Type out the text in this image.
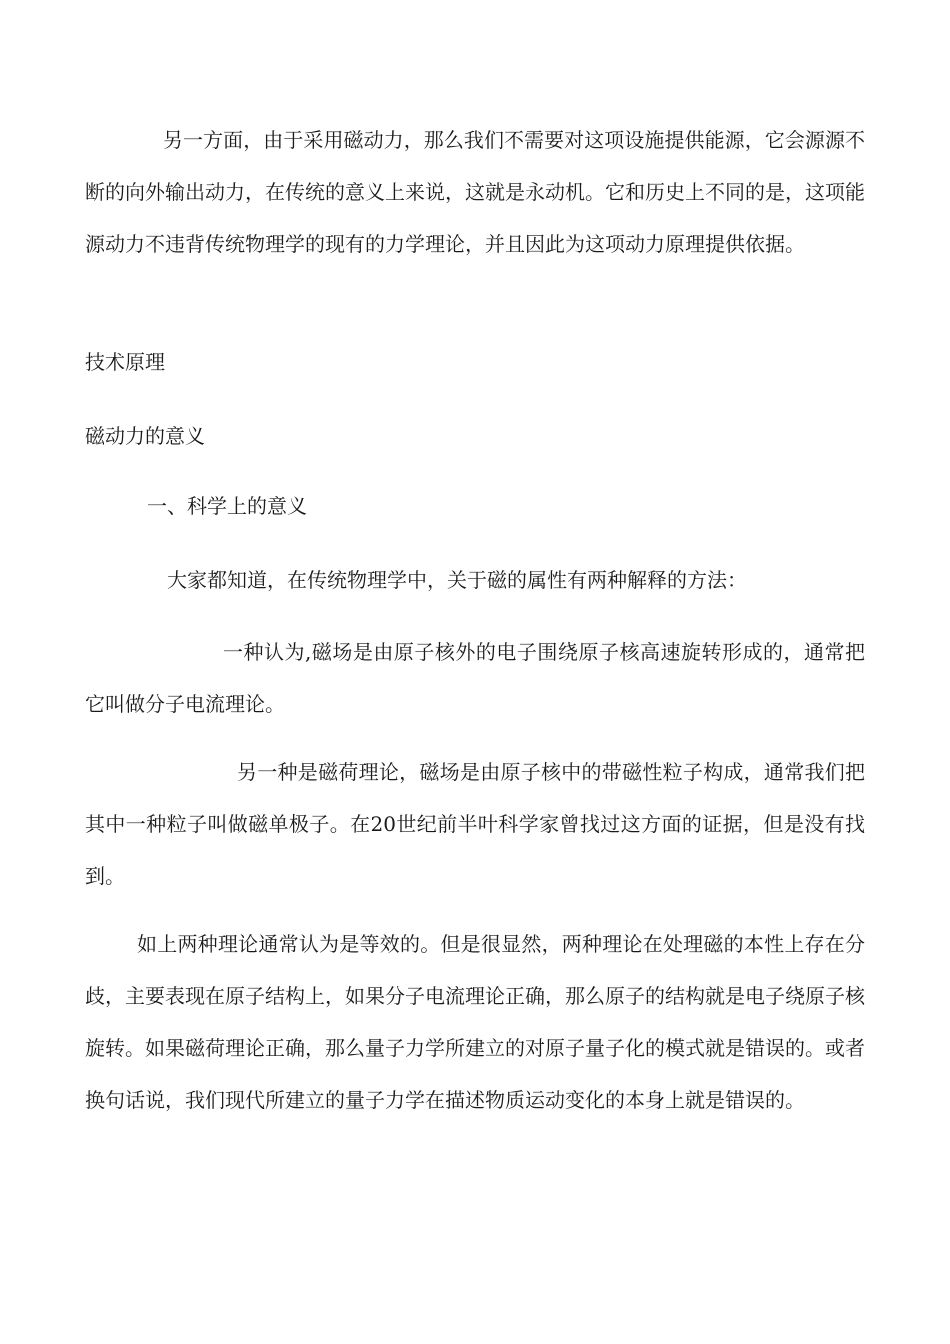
另一方面，由于采用磁动力，那么我们不需要对这项设施提供能源，它会源源不断的向外输出动力，在传统的意义上来说，这就是永动机。它和历史上不同的是，这项能源动力不违背传统物理学的现有的力学理论，并且因此为这项动力原理提供依据。

技术原理

磁动力的意义

一、科学上的意义

大家都知道，在传统物理学中，关于磁的属性有两种解释的方法：

一种认为,磁场是由原子核外的电子围绕原子核高速旋转形成的，通常把它叫做分子电流理论。

另一种是磁荷理论，磁场是由原子核中的带磁性粒子构成，通常我们把其中一种粒子叫做磁单极子。在20世纪前半叶科学家曾找过这方面的证据，但是没有找到。

如上两种理论通常认为是等效的。但是很显然，两种理论在处理磁的本性上存在分歧，主要表现在原子结构上，如果分子电流理论正确，那么原子的结构就是电子绕原子核旋转。如果磁荷理论正确，那么量子力学所建立的对原子量子化的模式就是错误的。或者换句话说，我们现代所建立的量子力学在描述物质运动变化的本身上就是错误的。
